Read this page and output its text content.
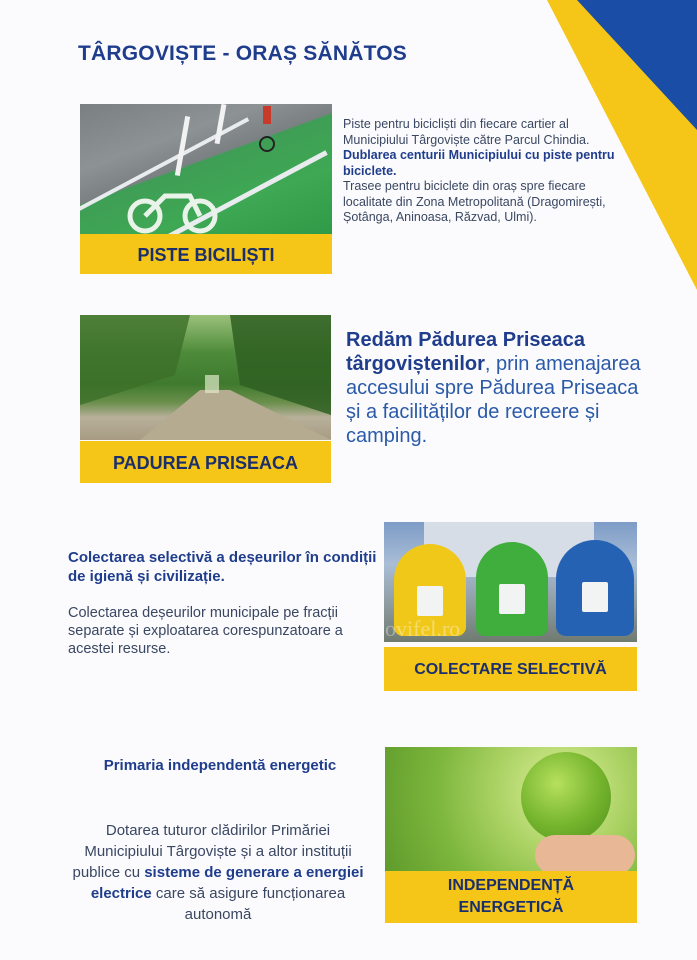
TÂRGOVIȘTE - ORAȘ SĂNĂTOS
PISTE BICILIȘTI
Piste pentru bicicliști din fiecare cartier al Municipiului Târgoviște către Parcul Chindia.
Dublarea centurii Municipiului cu piste pentru biciclete.
Trasee pentru biciclete din oraș spre fiecare localitate din Zona Metropolitană (Dragomirești, Șotânga, Aninoasa, Răzvad, Ulmi).
PADUREA PRISEACA
Redăm Pădurea Priseaca târgoviștenilor, prin amenajarea accesului spre Pădurea Priseaca și a facilităților de recreere și camping.
Colectarea selectivă a deșeurilor în condiții de igienă și civilizație.
Colectarea deșeurilor municipale pe fracții separate și exploatarea corespunzatoare a acestei resurse.
ovifel.ro
COLECTARE SELECTIVĂ
Primaria independentă energetic
Dotarea tuturor clădirilor Primăriei Municipiului Târgoviște și a altor instituții publice cu sisteme de generare a energiei electrice care să asigure funcționarea autonomă
INDEPENDENȚĂ
ENERGETICĂ
